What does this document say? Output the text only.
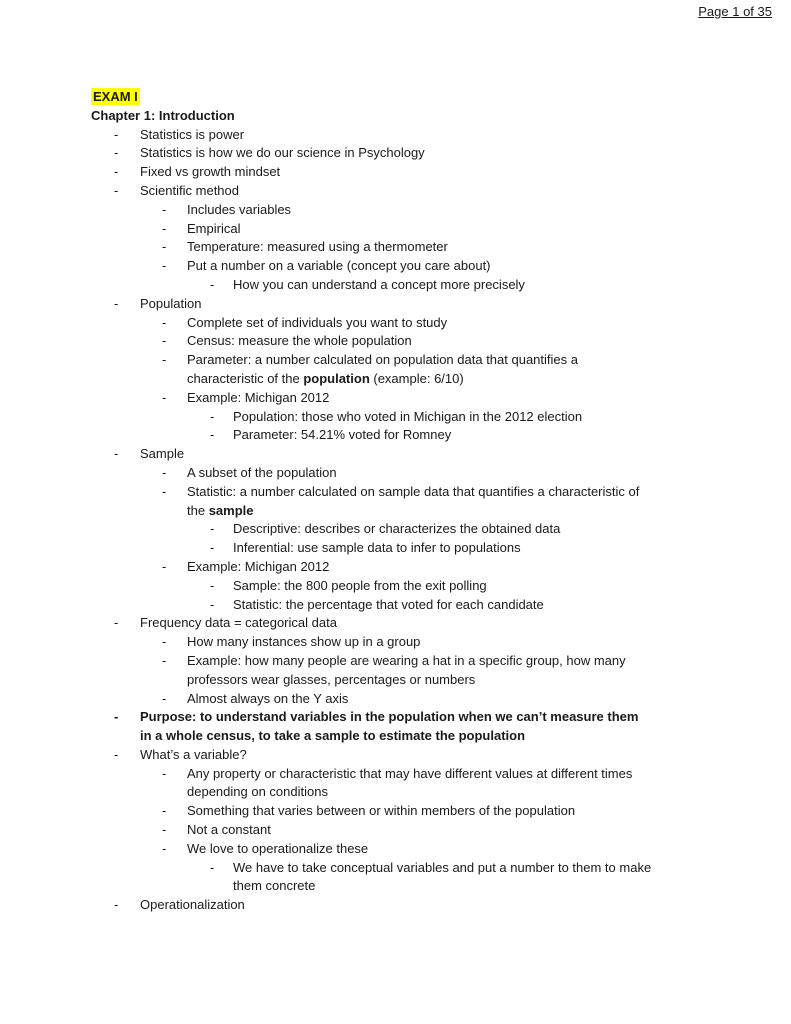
Page 1 of 35
EXAM I
Chapter 1: Introduction
- Statistics is power
- Statistics is how we do our science in Psychology
- Fixed vs growth mindset
- Scientific method
- Includes variables
- Empirical
- Temperature: measured using a thermometer
- Put a number on a variable (concept you care about)
- How you can understand a concept more precisely
- Population
- Complete set of individuals you want to study
- Census: measure the whole population
- Parameter: a number calculated on population data that quantifies a
characteristic of the population (example: 6/10)
- Example: Michigan 2012
- Population: those who voted in Michigan in the 2012 election
- Parameter: 54.21% voted for Romney
- Sample
- A subset of the population
- Statistic: a number calculated on sample data that quantifies a characteristic of
the sample
- Descriptive: describes or characterizes the obtained data
- Inferential: use sample data to infer to populations
- Example: Michigan 2012
- Sample: the 800 people from the exit polling
- Statistic: the percentage that voted for each candidate
- Frequency data = categorical data
- How many instances show up in a group
- Example: how many people are wearing a hat in a specific group, how many
professors wear glasses, percentages or numbers
- Almost always on the Y axis
- Purpose: to understand variables in the population when we can’t measure them
in a whole census, to take a sample to estimate the population
- What’s a variable?
- Any property or characteristic that may have different values at different times
depending on conditions
- Something that varies between or within members of the population
- Not a constant
- We love to operationalize these
- We have to take conceptual variables and put a number to them to make
them concrete
- Operationalization
